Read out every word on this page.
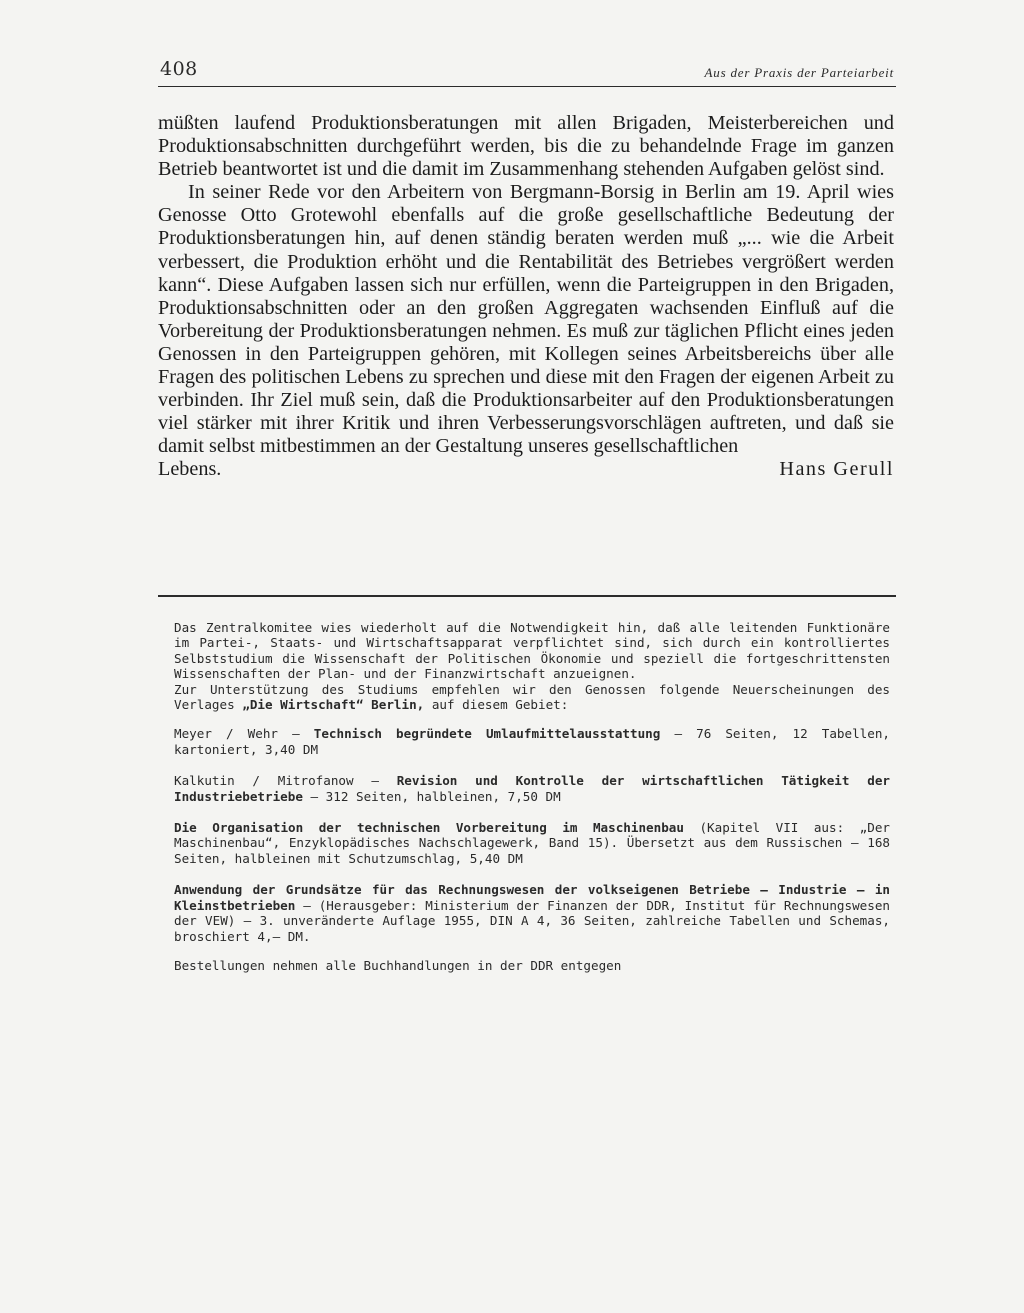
408	Aus der Praxis der Parteiarbeit

müßten laufend Produktionsberatungen mit allen Brigaden, Meisterbereichen und Produktionsabschnitten durchgeführt werden, bis die zu behandelnde Frage im ganzen Betrieb beantwortet ist und die damit im Zusammenhang stehenden Aufgaben gelöst sind.

In seiner Rede vor den Arbeitern von Bergmann-Borsig in Berlin am 19. April wies Genosse Otto Grotewohl ebenfalls auf die große gesellschaftliche Bedeutung der Produktionsberatungen hin, auf denen ständig beraten werden muß „... wie die Arbeit verbessert, die Produktion erhöht und die Rentabilität des Betriebes vergrößert werden kann“. Diese Aufgaben lassen sich nur erfüllen, wenn die Parteigruppen in den Brigaden, Produktionsabschnitten oder an den großen Aggregaten wachsenden Einfluß auf die Vorbereitung der Produktionsberatungen nehmen. Es muß zur täglichen Pflicht eines jeden Genossen in den Parteigruppen gehören, mit Kollegen seines Arbeitsbereichs über alle Fragen des politischen Lebens zu sprechen und diese mit den Fragen der eigenen Arbeit zu verbinden. Ihr Ziel muß sein, daß die Produktionsarbeiter auf den Produktionsberatungen viel stärker mit ihrer Kritik und ihren Verbesserungsvorschlägen auftreten, und daß sie damit selbst mitbestimmen an der Gestaltung unseres gesellschaftlichen

Lebens.	Hans Gerull

Das Zentralkomitee wies wiederholt auf die Notwendigkeit hin, daß alle leitenden Funktionäre im Partei-, Staats- und Wirtschaftsapparat verpflichtet sind, sich durch ein kontrolliertes Selbststudium die Wissenschaft der Politischen Ökonomie und speziell die fortgeschrittensten Wissenschaften der Plan- und der Finanzwirtschaft anzueignen.

Zur Unterstützung des Studiums empfehlen wir den Genossen folgende Neuerscheinungen des Verlages „Die Wirtschaft“ Berlin, auf diesem Gebiet:

Meyer / Wehr — Technisch begründete Umlaufmittelausstattung — 76 Seiten, 12 Tabellen, kartoniert, 3,40 DM

Kalkutin / Mitrofanow — Revision und Kontrolle der wirtschaftlichen Tätigkeit der Industriebetriebe — 312 Seiten, halbleinen, 7,50 DM

Die Organisation der technischen Vorbereitung im Maschinenbau (Kapitel VII aus: „Der Maschinenbau“, Enzyklopädisches Nachschlagewerk, Band 15). Übersetzt aus dem Russischen — 168 Seiten, halbleinen mit Schutzumschlag, 5,40 DM

Anwendung der Grundsätze für das Rechnungswesen der volkseigenen Betriebe — Industrie — in Kleinstbetrieben — (Herausgeber: Ministerium der Finanzen der DDR, Institut für Rechnungswesen der VEW) — 3. unveränderte Auflage 1955, DIN A 4, 36 Seiten, zahlreiche Tabellen und Schemas, broschiert 4,— DM.

Bestellungen nehmen alle Buchhandlungen in der DDR entgegen
